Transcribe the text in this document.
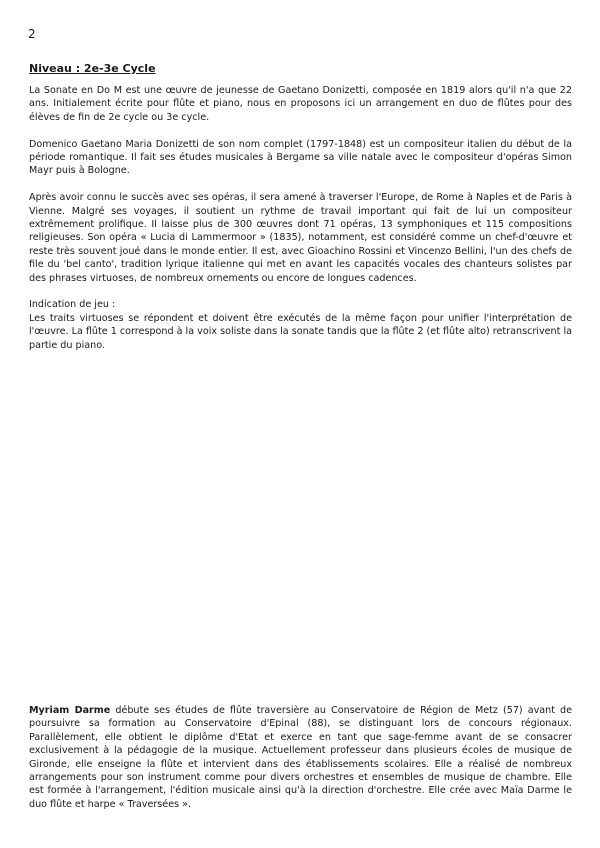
2
Niveau : 2e-3e Cycle

La Sonate en Do M est une œuvre de jeunesse de Gaetano Donizetti, composée en 1819 alors qu'il n'a que 22 ans. Initialement écrite pour flûte et piano, nous en proposons ici un arrangement en duo de flûtes pour des élèves de fin de 2e cycle ou 3e cycle.

Domenico Gaetano Maria Donizetti de son nom complet (1797-1848) est un compositeur italien du début de la période romantique. Il fait ses études musicales à Bergame sa ville natale avec le compositeur d'opéras Simon Mayr puis à Bologne.

Après avoir connu le succès avec ses opéras, il sera amené à traverser l'Europe, de Rome à Naples et de Paris à Vienne. Malgré ses voyages, il soutient un rythme de travail important qui fait de lui un compositeur extrêmement prolifique. Il laisse plus de 300 œuvres dont 71 opéras, 13 symphoniques et 115 compositions religieuses. Son opéra « Lucia di Lammermoor » (1835), notamment, est considéré comme un chef-d'œuvre et reste très souvent joué dans le monde entier. Il est, avec Gioachino Rossini et Vincenzo Bellini, l'un des chefs de file du 'bel canto', tradition lyrique italienne qui met en avant les capacités vocales des chanteurs solistes par des phrases virtuoses, de nombreux ornements ou encore de longues cadences.

Indication de jeu :

Les traits virtuoses se répondent et doivent être exécutés de la même façon pour unifier l'interprétation de l'œuvre. La flûte 1 correspond à la voix soliste dans la sonate tandis que la flûte 2 (et flûte alto) retranscrivent la partie du piano.

Myriam Darme débute ses études de flûte traversière au Conservatoire de Région de Metz (57) avant de poursuivre sa formation au Conservatoire d'Epinal (88), se distinguant lors de concours régionaux. Parallèlement, elle obtient le diplôme d'Etat et exerce en tant que sage-femme avant de se consacrer exclusivement à la pédagogie de la musique. Actuellement professeur dans plusieurs écoles de musique de Gironde, elle enseigne la flûte et intervient dans des établissements scolaires. Elle a réalisé de nombreux arrangements pour son instrument comme pour divers orchestres et ensembles de musique de chambre. Elle est formée à l'arrangement, l'édition musicale ainsi qu'à la direction d'orchestre. Elle crée avec Maïa Darme le duo flûte et harpe « Traversées ».
